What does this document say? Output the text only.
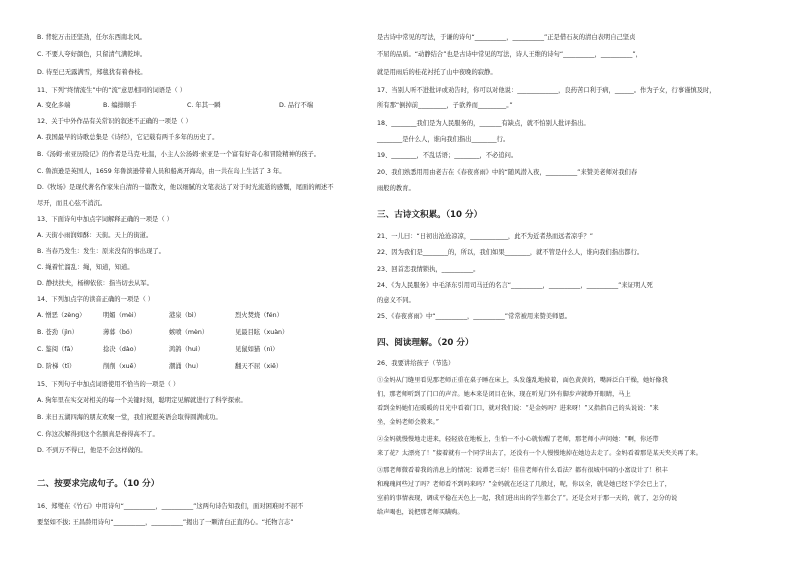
B. 背驼万击还坚劲，任尔东西南北风。
C. 不要人夸好颜色，只留清气满乾坤。
D. 待至已无露满雪，郑毯犹有着眷枝。
11、下列“终情流生”中的“流”意思相同的词语是（ ）
A. 变化多端	B. 编排顺手	C. 年其一瞬	D. 品行不端
12、关于中外作品有关常识的叙述不正确的一项是（ ）
A. 我国最早的诗歌总集是《诗经》，它记载有两千多年的历史了。
B.《汤姆·索亚历险记》的作者是马克·吐温，小主人公汤姆·索亚是一个富有好奇心和冒险精神的孩子。
C. 鲁滨逊是英国人，1659 年鲁滨逊带着人员和船离开海岛，由一共在岛上生活了 3 年。
D.《牧场》是现代著名作家朱自清的一篇散文，他以细腻的文笔表达了对于时光流逝的感慨，尾面的阐述不
尽开，而且心弦不消沉。
13、下面诗句中加点字词解释正确的一项是（ ）
A. 天街小雨润如酥：天街。天上的街道。
B. 当春乃发生：发生：原来没有的事出现了。
C. 绳着忙溜乱：绳，知道，知道。
D. 静扶扶夫，杨柳依依：指当切去从军。
14、下列加点字的读音正确的一项是（ ）
A. 憎恶（zèng）	明媚（mèi）	港泉（bì）	烈火焚烧（fén）
B. 苍劲（jìn）	薄暮（bó）	嫉喷（mèn）	见最目眩（xuàn）
C. 鉴阅（fā）	捻决（dào）	鸿鸽（huì）	见鼠如猫（nì）
D. 阶梯（tī）	削削（xuē）	潮涌（hu）	翻天不屈（xiē）
15、下列句子中加点词语使用不恰当的一项是（ ）
A. 狗年里在实交对相关的每一个关键时刻，聪明定见解就进行了科学探索。
B. 来日五湖四海的朋友欢聚一堂，我们祝愿英语会取得圆满成功。
C. 你这次解得到这个名额真是眷得高不了。
D. 不到万不得已，他是不会这样做的。
二、按要求完成句子。（10 分）
16、郑燮在《竹石》中用诗句“__________，__________”这两句诗告知我们，面对困难时不屈不
要坚如不拔; 王昌龄用诗句“__________，__________”揭出了一颗清白正直的心。“托物言志”
是古诗中常见的写法，于谦的诗句“__________，__________”正是借石灰的清白表明自己坚贞
不屈的品质。“动静结合”也是古诗中常见的写法，诗人王维的诗句“__________，__________”，
就是用雨后的桂花衬托了山中夜晚的寂静。
17、当别人听不进批评或劝告时，你可以对他说：_____________，良药苦口利于病，______。作为子女，行事谨慎及时，
所有那“倒掉前_________，子欲养而_________。”
18、________我们是为人民服务的，_______有缺点，就不怕别人批评指出。
________是什么人，谁向我们指出________行。
19、________，不乱话语；________，不必追问。
20、我们熟悉用用由老吉在《春夜喜雨》中的“随风潜入夜，__________”来赞美老师对我们春
雨般的教育。
三、古诗文积累。（10 分）
21、一儿曰：“日初出沧沧凉凉，____________，此不为近者热而远者凉乎？”
22、因为我们是________的，所以，我们如果________，就不管是什么人，谁向我们指出都行。
23、回首恋我情锁执，__________。
24、《为人民服务》中毛泽东引用司马迁的名言“__________，__________，__________”来证明人死
的意义不同。
25、《春夜喜雨》中“__________，__________”常常被用来赞美师恩。
四、阅读理解。（20 分）
26、我要讲给孩子（节选）
①金妈从门缝里看见那老师正重在桌子睡在床上，头发蓬乱地披着，面色黄黄的，嘴唇泛白干燥，她好像我
们，那老师听到了门口的声音。她本来是闭目在休，现在听见门外有脚步声就睁开眼睛，马上
看到金妈她们在暖暖的目光中看着门口，就对我们说：“是金妈吗？进来呀！”又指指自己的头说说：“来
坐，金妈老师会教来。”
②金妈就慢慢地走进来，轻轻放在地板上，生怕一不小心就惊醒了老师，那老师小声问她：“啊，你还带
来了花？太漂亮了！”接着就有一个同学出去了，还没有一个人慢慢地掉在她边去走了。金妈看着那是某天夹关再了来。
③那老师微看着我的消息上的情况：说谭老三好！佳佳老师有什么看法？都有很城中国的小富设计了！积丰
和瑰瑰问些过了吗？老师看不到吗来吗？”金妈就在还这了几般过，呢，你以全，就是她已经下学会已上了，
室前的事情表现，调成平稳在天色上一起，我们进出出的学生都会了“。还是会对于那一天的，就了，怎分的说
给声喝也，说把那老师买瞒购。
